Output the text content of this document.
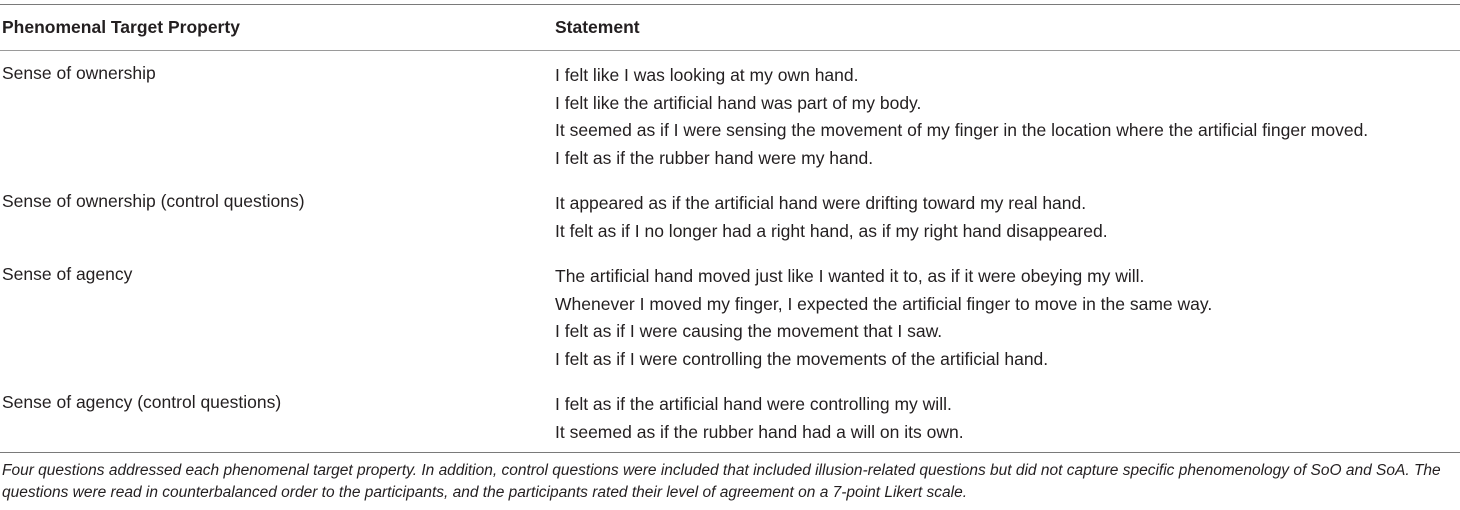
Phenomenal Target Property	Statement
Sense of ownership	I felt like I was looking at my own hand.
I felt like the artificial hand was part of my body.
It seemed as if I were sensing the movement of my finger in the location where the artificial finger moved.
I felt as if the rubber hand were my hand.
Sense of ownership (control questions)	It appeared as if the artificial hand were drifting toward my real hand.
It felt as if I no longer had a right hand, as if my right hand disappeared.
Sense of agency	The artificial hand moved just like I wanted it to, as if it were obeying my will.
Whenever I moved my finger, I expected the artificial finger to move in the same way.
I felt as if I were causing the movement that I saw.
I felt as if I were controlling the movements of the artificial hand.
Sense of agency (control questions)	I felt as if the artificial hand were controlling my will.
It seemed as if the rubber hand had a will on its own.
Four questions addressed each phenomenal target property. In addition, control questions were included that included illusion-related questions but did not capture specific phenomenology of SoO and SoA. The questions were read in counterbalanced order to the participants, and the participants rated their level of agreement on a 7-point Likert scale.
